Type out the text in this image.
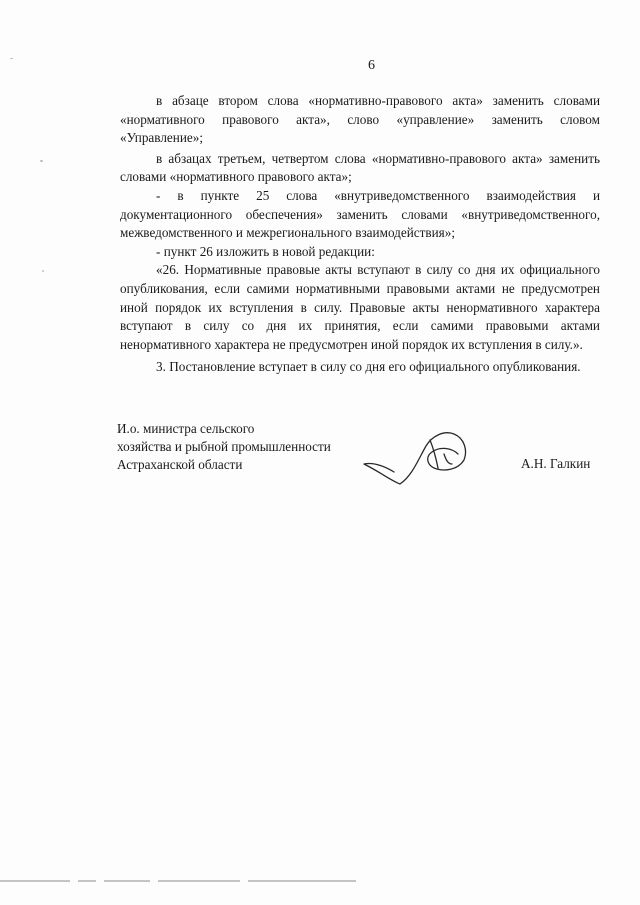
6

в абзаце втором слова «нормативно-правового акта» заменить словами «нормативного правового акта», слово «управление» заменить словом «Управление»;

в абзацах третьем, четвертом слова «нормативно-правового акта» заменить словами «нормативного правового акта»;

- в пункте 25 слова «внутриведомственного взаимодействия и документационного обеспечения» заменить словами «внутриведомственного, межведомственного и межрегионального взаимодействия»;

- пункт 26 изложить в новой редакции:

«26. Нормативные правовые акты вступают в силу со дня их официального опубликования, если самими нормативными правовыми актами не предусмотрен иной порядок их вступления в силу. Правовые акты ненормативного характера вступают в силу со дня их принятия, если самими правовыми актами ненормативного характера не предусмотрен иной порядок их вступления в силу.».

3. Постановление вступает в силу со дня его официального опубликования.

И.о. министра сельского
хозяйства и рыбной промышленности
Астраханской области	А.Н. Галкин
